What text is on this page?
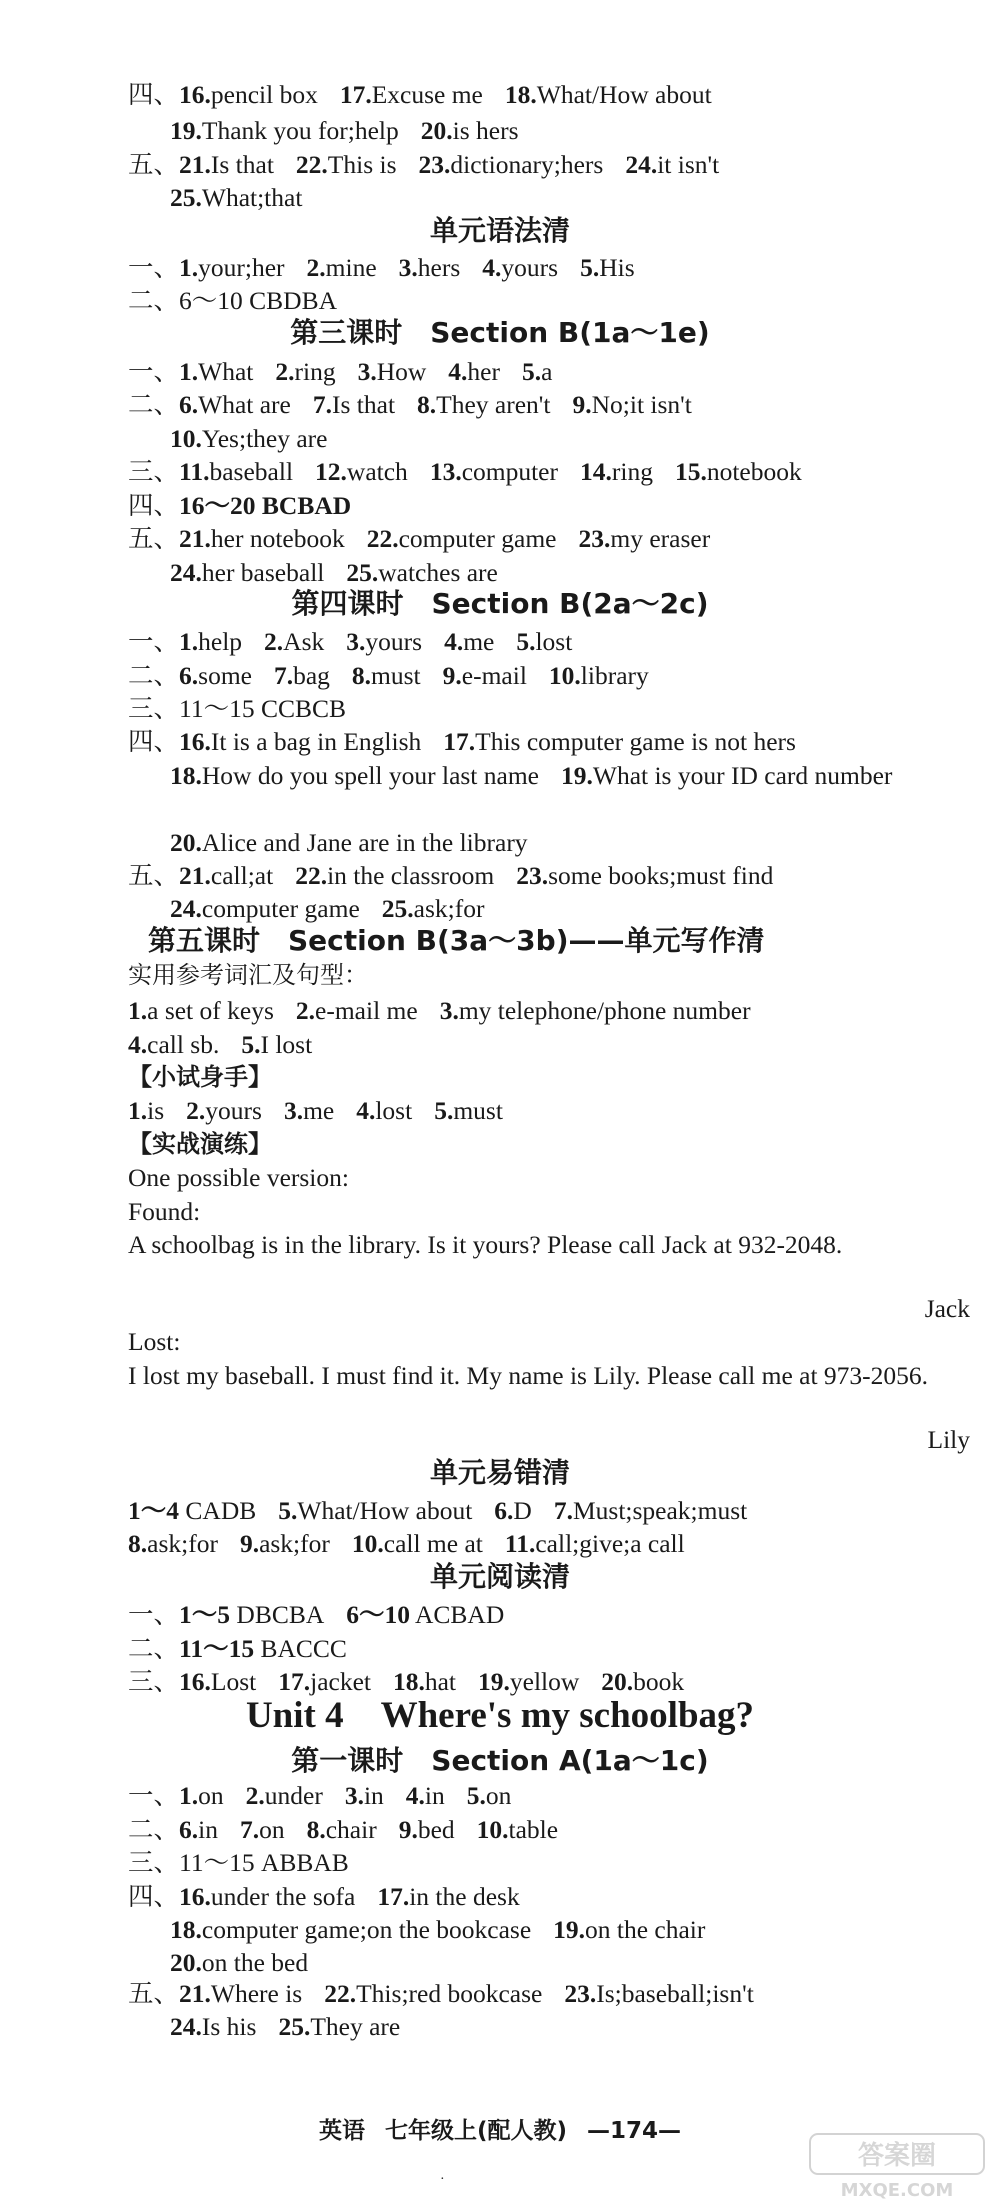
四、16.pencil box 17.Excuse me 18.What/How about
19.Thank you for;help 20.is hers
五、21.Is that 22.This is 23.dictionary;hers 24.it isn't
25.What;that
单元语法清
一、1.your;her 2.mine 3.hers 4.yours 5.His
二、6～10 CBDBA
第三课时　Section B(1a～1e)
一、1.What 2.ring 3.How 4.her 5.a
二、6.What are 7.Is that 8.They aren't 9.No;it isn't
10.Yes;they are
三、11.baseball 12.watch 13.computer 14.ring 15.notebook
四、16～20 BCBAD
五、21.her notebook 22.computer game 23.my eraser
24.her baseball 25.watches are
第四课时　Section B(2a～2c)
一、1.help 2.Ask 3.yours 4.me 5.lost
二、6.some 7.bag 8.must 9.e-mail 10.library
三、11～15 CCBCB
四、16.It is a bag in English 17.This computer game is not hers
18.How do you spell your last name 19.What is your ID card number
20.Alice and Jane are in the library
五、21.call;at 22.in the classroom 23.some books;must find
24.computer game 25.ask;for
第五课时　Section B(3a～3b)——单元写作清
实用参考词汇及句型：
1.a set of keys 2.e-mail me 3.my telephone/phone number
4.call sb. 5.I lost
【小试身手】
1.is 2.yours 3.me 4.lost 5.must
【实战演练】
One possible version:
Found:
A schoolbag is in the library. Is it yours? Please call Jack at 932-2048.
Jack
Lost:
I lost my baseball. I must find it. My name is Lily. Please call me at 973-2056.
Lily
单元易错清
1～4 CADB 5.What/How about 6.D 7.Must;speak;must
8.ask;for 9.ask;for 10.call me at 11.call;give;a call
单元阅读清
一、1～5 DBCBA 6～10 ACBAD
二、11～15 BACCC
三、16.Lost 17.jacket 18.hat 19.yellow 20.book
Unit 4　Where's my schoolbag?
第一课时　Section A(1a～1c)
一、1.on 2.under 3.in 4.in 5.on
二、6.in 7.on 8.chair 9.bed 10.table
三、11～15 ABBAB
四、16.under the sofa 17.in the desk
18.computer game;on the bookcase 19.on the chair
20.on the bed
五、21.Where is 22.This;red bookcase 23.Is;baseball;isn't
24.Is his 25.They are
英语 七年级上(配人教) —174—
·
答案圈
MXQE.COM
